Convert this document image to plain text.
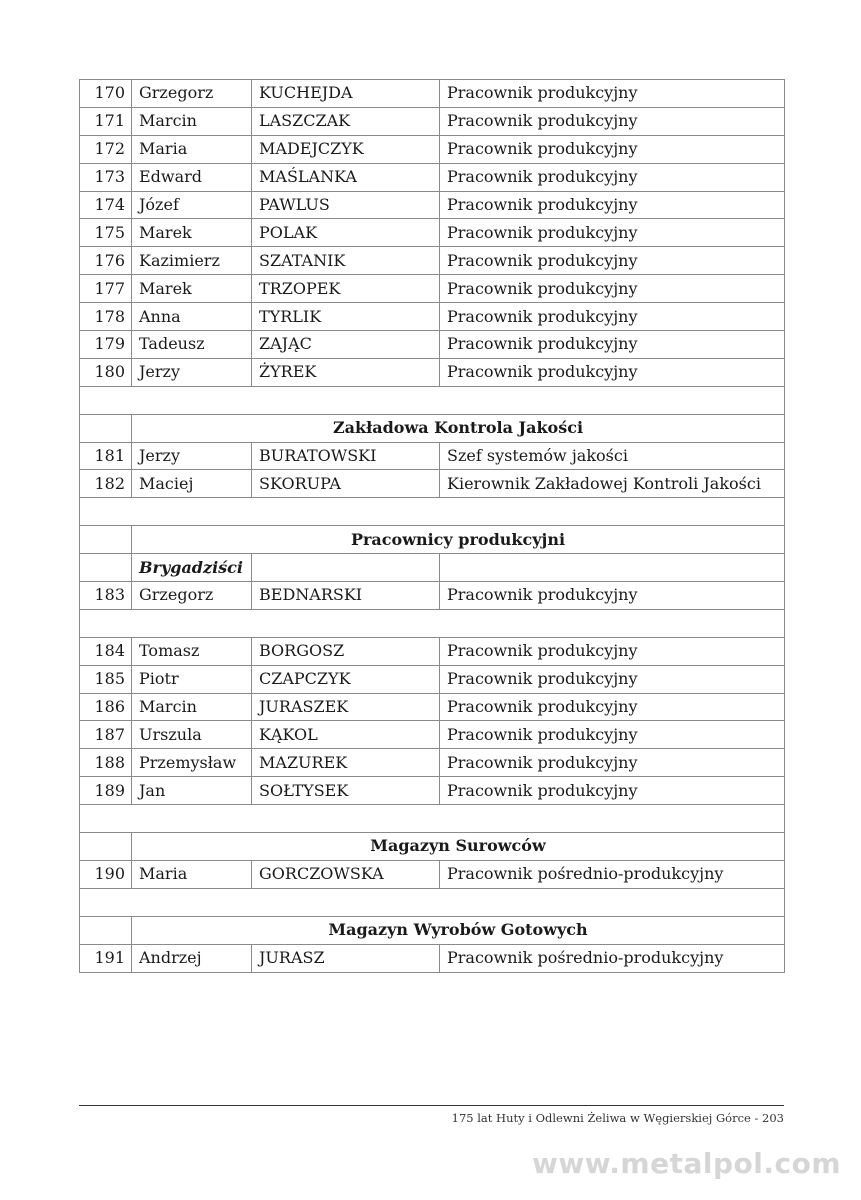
170	Grzegorz	KUCHEJDA	Pracownik produkcyjny
171	Marcin	LASZCZAK	Pracownik produkcyjny
172	Maria	MADEJCZYK	Pracownik produkcyjny
173	Edward	MAŚLANKA	Pracownik produkcyjny
174	Józef	PAWLUS	Pracownik produkcyjny
175	Marek	POLAK	Pracownik produkcyjny
176	Kazimierz	SZATANIK	Pracownik produkcyjny
177	Marek	TRZOPEK	Pracownik produkcyjny
178	Anna	TYRLIK	Pracownik produkcyjny
179	Tadeusz	ZAJĄC	Pracownik produkcyjny
180	Jerzy	ŻYREK	Pracownik produkcyjny

	Zakładowa Kontrola Jakości		
181	Jerzy	BURATOWSKI	Szef systemów jakości
182	Maciej	SKORUPA	Kierownik Zakładowej Kontroli Jakości

	Pracownicy produkcyjni		
	Brygadziści		
183	Grzegorz	BEDNARSKI	Pracownik produkcyjny

184	Tomasz	BORGOSZ	Pracownik produkcyjny
185	Piotr	CZAPCZYK	Pracownik produkcyjny
186	Marcin	JURASZEK	Pracownik produkcyjny
187	Urszula	KĄKOL	Pracownik produkcyjny
188	Przemysław	MAZUREK	Pracownik produkcyjny
189	Jan	SOŁTYSEK	Pracownik produkcyjny

	Magazyn Surowców		
190	Maria	GORCZOWSKA	Pracownik pośrednio-produkcyjny

	Magazyn Wyrobów Gotowych		
191	Andrzej	JURASZ	Pracownik pośrednio-produkcyjny
175 lat Huty i Odlewni Żeliwa w Węgierskiej Górce - 203
www.metalpol.com
